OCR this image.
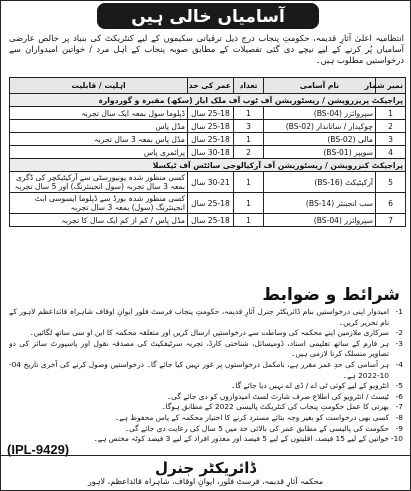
آسامیاں خالی ہیں
انتظامیہ اعلیٰ آثارِ قدیمہ، حکومتِ پنجاب درج ذیل ترقیاتی سکیموں کے لیے کنٹریکٹ کی بنیاد پر خالص عارضی آسامیاں پُر کرنے کے لیے نیچے دی گئی تفصیلات کے مطابق صوبہ پنجاب کے اہل مرد / خواتین امیدواران سے درخواستیں مطلوب ہیں۔
نمبر شمار	نام آسامی	تعداد	عمر کی حد	اہلیت / قابلیت
پراجیکٹ پریزرویشن / ریسٹوریشن آف ٹوب آف ملک ایاز (سکھ) مقبرہ و گوردوارہ				
1	سپروائزر (BS-04)	1	25-18 سال	ڈپلوما سول بمعہ ایک سال تجربہ
2	چوکیدار / ساتاندار (BS-02)	3	25-18 سال	مڈل پاس
3	مالی (BS-02)	1	25-18 سال	مڈل پاس بمعہ 3 سال تجربہ
4	سویپر (BS-01)	2	30-18 سال	پرائمری پاس
پراجیکٹ کنزرویشن / ریسٹوریشن آف آرکیالوجی سائٹس آف ٹیکسلا				
5	آرکیٹیکٹ (BS-16)	1	30-21 سال	کسی منظور شدہ یونیورسٹی سے آرکیٹیکچر کی ڈگری بمعہ 3 سال تجربہ (سول انجینئرنگ) اور 5 سال تجربہ
6	سب انجینئر (BS-14)	1	25-18 سال	کسی منظور شدہ بورڈ سے ڈپلوما ایسوسی ایٹ انجینئرنگ (سول) بمعہ 3 سال تجربہ
7	سپروائزر (BS-04)	1	25-18 سال	مڈل پاس / کم از کم ایک سال کا تجربہ
شرائط و ضوابط
1-
امیدوار اپنی درخواستیں بنام ڈائریکٹر جنرل آثارِ قدیمہ، حکومتِ پنجاب فرسٹ فلور ایوانِ اوقاف شاہراہ قائداعظم لاہور کے نام تحریر کریں۔
2-
سرکاری ملازمین اپنے محکمہ کی وساطت سے درخواستیں ارسال کریں اور متعلقہ محکمہ کا این او سی ساتھ لگائیں۔
3-
ہر فارم کے ساتھ تعلیمی اسناد، ڈومیسائل، شناختی کارڈ، تجربہ سرٹیفکیٹ کی مصدقہ نقول اور پاسپورٹ سائز کی دو تصاویر منسلک کرنا لازمی ہیں۔
4-
ہر آسامی کی حدِ عمر مقرر ہے، نامکمل درخواستوں پر غور نہیں کیا جائے گا۔ درخواستیں وصول کرنے کی آخری تاریخ 04-10-2022 ہے۔
5-
انٹرویو کے لیے کوئی ٹی اے / ڈی اے نہیں دیا جائے گا۔
6-
ٹیسٹ / انٹرویو کی اطلاع صرف شارٹ لسٹ امیدواروں کو دی جائے گی۔
7-
بھرتی کا عمل حکومتِ پنجاب کی کنٹریکٹ پالیسی 2022 کے مطابق ہوگا۔
8-
کسی بھی درخواست کو بغیر وجہ بتائے مسترد کرنے کا اختیار محکمہ کے پاس محفوظ ہے۔
9-
حکومت کی پالیسی کے مطابق عمر کی بالائی حد میں 5 سال کی رعایت دی جائے گی۔
10-
خواتین کے لیے 15 فیصد، اقلیتوں کے لیے 5 فیصد اور معذور افراد کے لیے 3 فیصد کوٹہ مختص ہے۔
(IPL-9429)
ڈائریکٹر جنرل
محکمہ آثارِ قدیمہ، فرسٹ فلور، ایوانِ اوقاف، شاہراہ قائداعظم، لاہور
